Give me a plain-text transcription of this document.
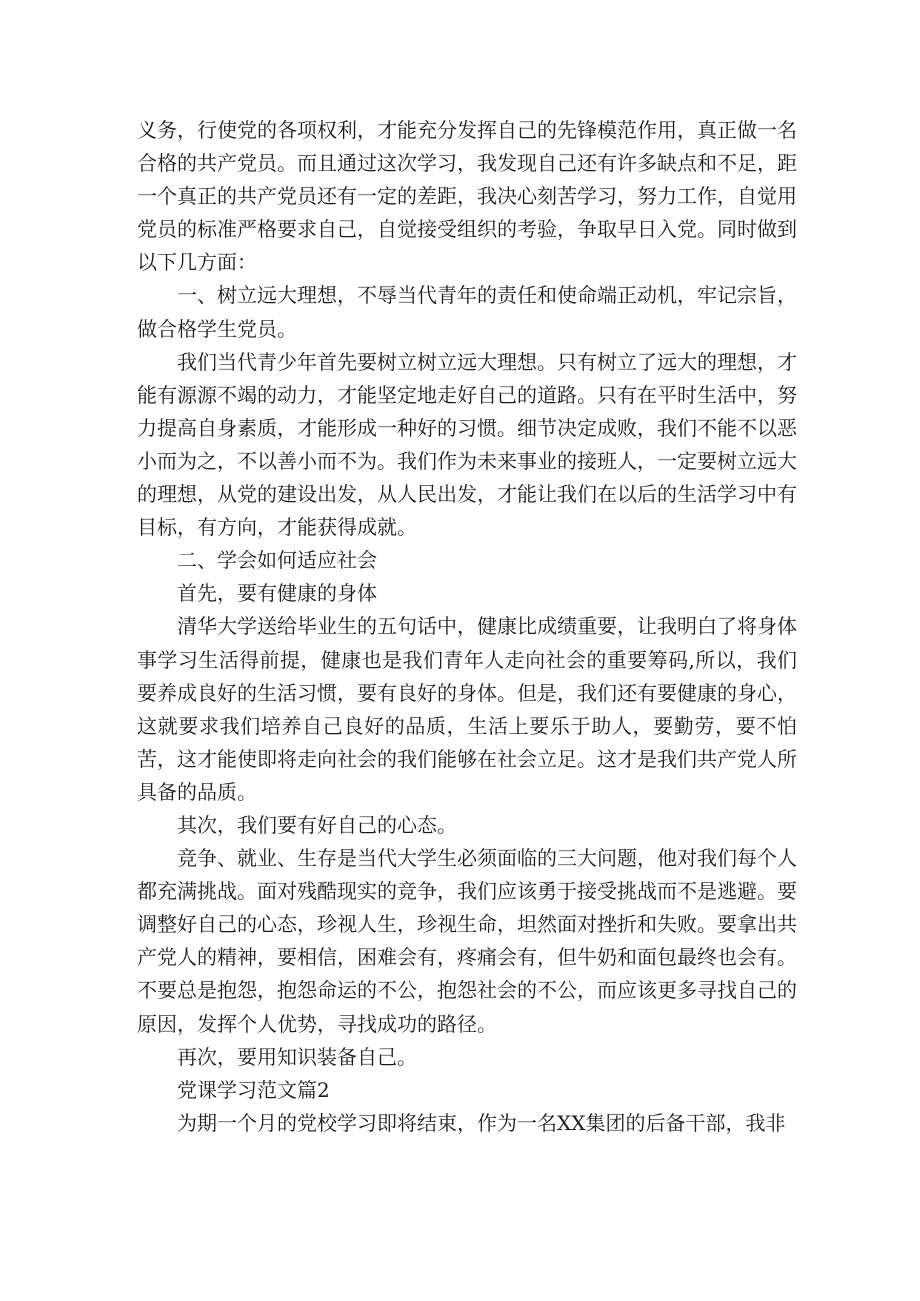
义务，行使党的各项权利，才能充分发挥自己的先锋模范作用，真正做一名合格的共产党员。而且通过这次学习，我发现自己还有许多缺点和不足，距一个真正的共产党员还有一定的差距，我决心刻苦学习，努力工作，自觉用党员的标准严格要求自己，自觉接受组织的考验，争取早日入党。同时做到以下几方面：

一、树立远大理想，不辱当代青年的责任和使命端正动机，牢记宗旨，做合格学生党员。

我们当代青少年首先要树立树立远大理想。只有树立了远大的理想，才能有源源不竭的动力，才能坚定地走好自己的道路。只有在平时生活中，努力提高自身素质，才能形成一种好的习惯。细节决定成败，我们不能不以恶小而为之，不以善小而不为。我们作为未来事业的接班人，一定要树立远大的理想，从党的建设出发，从人民出发，才能让我们在以后的生活学习中有目标，有方向，才能获得成就。

二、学会如何适应社会

首先，要有健康的身体

清华大学送给毕业生的五句话中，健康比成绩重要，让我明白了将身体事学习生活得前提，健康也是我们青年人走向社会的重要筹码,所以，我们要养成良好的生活习惯，要有良好的身体。但是，我们还有要健康的身心，这就要求我们培养自己良好的品质，生活上要乐于助人，要勤劳，要不怕苦，这才能使即将走向社会的我们能够在社会立足。这才是我们共产党人所具备的品质。

其次，我们要有好自己的心态。

竞争、就业、生存是当代大学生必须面临的三大问题，他对我们每个人都充满挑战。面对残酷现实的竞争，我们应该勇于接受挑战而不是逃避。要调整好自己的心态，珍视人生，珍视生命，坦然面对挫折和失败。要拿出共产党人的精神，要相信，困难会有，疼痛会有，但牛奶和面包最终也会有。不要总是抱怨，抱怨命运的不公，抱怨社会的不公，而应该更多寻找自己的原因，发挥个人优势，寻找成功的路径。

再次，要用知识装备自己。

党课学习范文篇2

为期一个月的党校学习即将结束，作为一名XX集团的后备干部，我非
